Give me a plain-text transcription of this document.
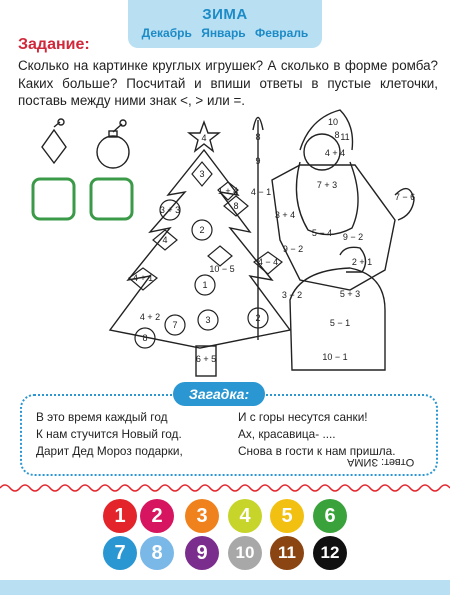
ЗИМА
Декабрь Январь Февраль
Задание:
Сколько на картинке круглых игрушек? А сколько в форме ромба? Каких больше? Посчитай и впиши ответы в пустые клеточки, поставь между ними знак <, > или =.
4
3
1 + 4
3 + 3
2
8
4
10 − 5
4 − 4
1
4 + 1
4 + 2
7	3	2
8
6 + 5
4 − 1
8
9
8
10
11
7 + 3
3 + 4
9 − 2
5 − 4 9 − 2
2 + 1
3 − 2	5 + 3
5 − 1
10 − 1
7 − 6
4 + 4
Загадка:
В это время каждый год
К нам стучится Новый год.
Дарит Дед Мороз подарки,
И с горы несутся санки!
Ах, красавица- ....
Снова в гости к нам пришла.
Ответ: ЗИМА
1	2	3	4	5	6
7	8	9	10	11	12
